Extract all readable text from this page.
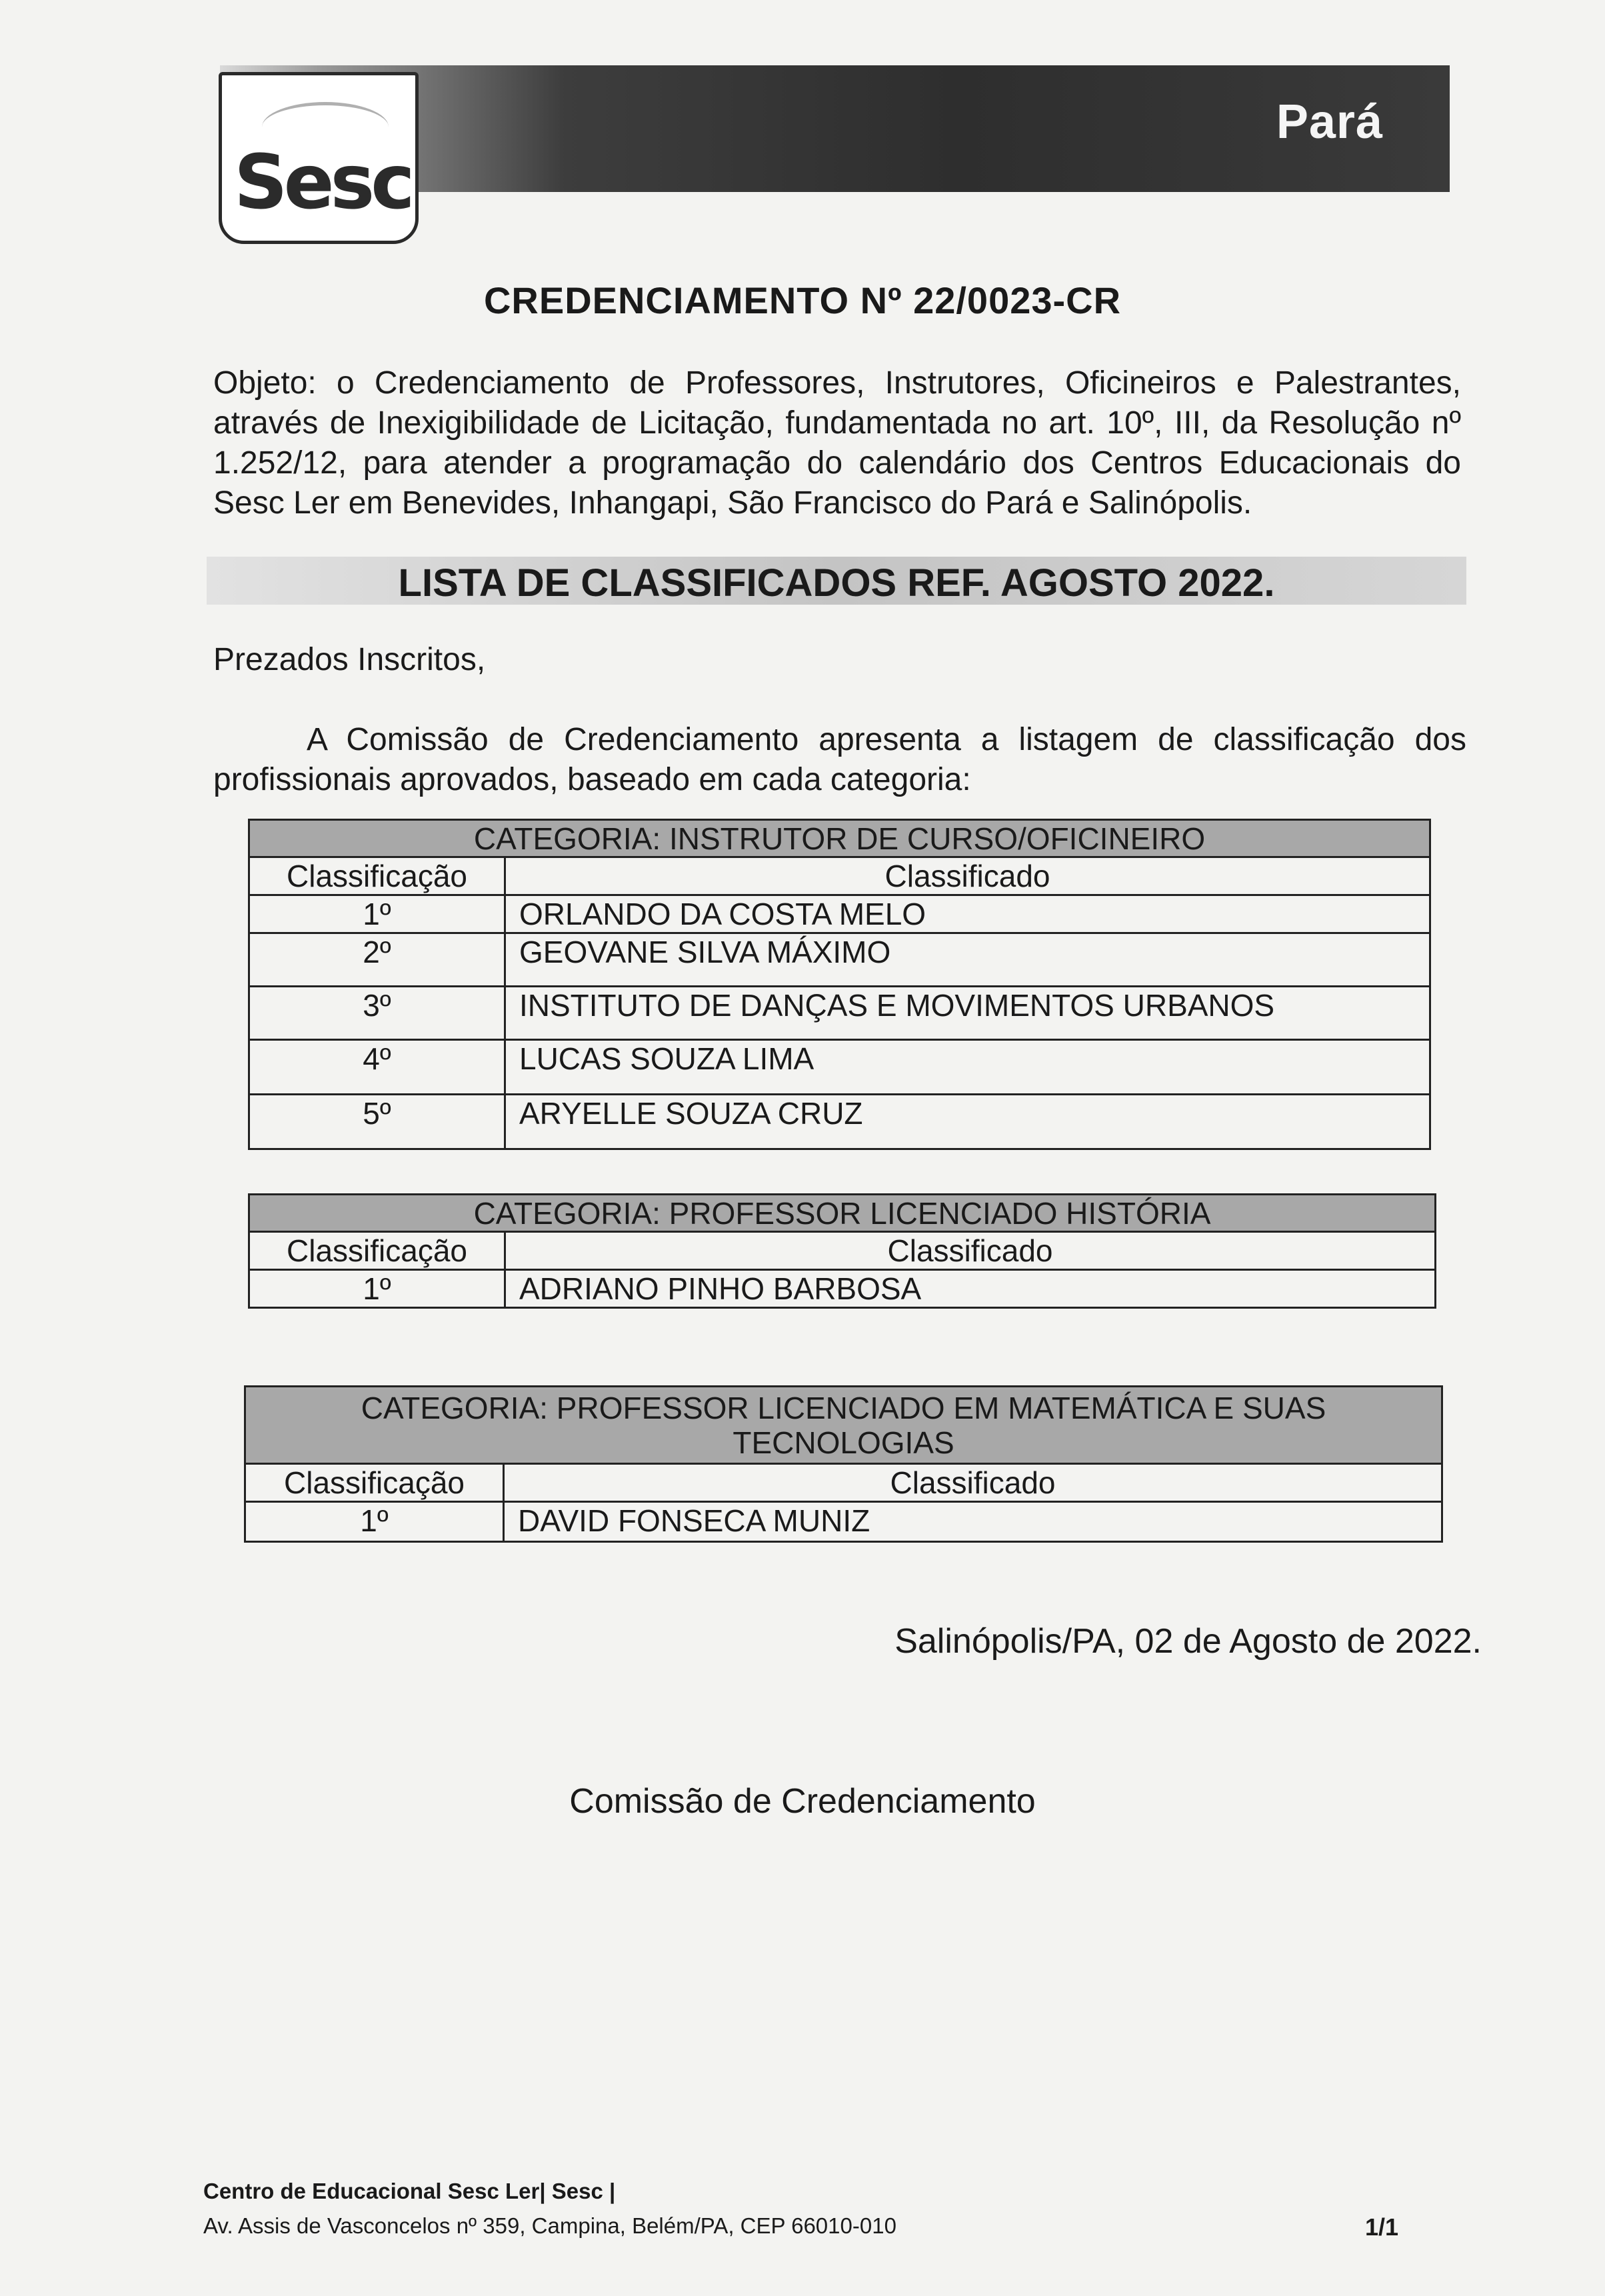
Pará
Sesc
CREDENCIAMENTO Nº 22/0023-CR
Objeto: o Credenciamento de Professores, Instrutores, Oficineiros e Palestrantes, através de Inexigibilidade de Licitação, fundamentada no art. 10º, III, da Resolução nº 1.252/12, para atender a programação do calendário dos Centros Educacionais do Sesc Ler em Benevides, Inhangapi, São Francisco do Pará e Salinópolis.
LISTA DE CLASSIFICADOS REF. AGOSTO 2022.
Prezados Inscritos,
A Comissão de Credenciamento apresenta a listagem de classificação dos profissionais aprovados, baseado em cada categoria:
CATEGORIA: INSTRUTOR DE CURSO/OFICINEIRO	
Classificação	Classificado
1º	ORLANDO DA COSTA MELO
2º	GEOVANE SILVA MÁXIMO
3º	INSTITUTO DE DANÇAS E MOVIMENTOS URBANOS
4º	LUCAS SOUZA LIMA
5º	ARYELLE SOUZA CRUZ
CATEGORIA: PROFESSOR LICENCIADO HISTÓRIA	
Classificação	Classificado
1º	ADRIANO PINHO BARBOSA
CATEGORIA: PROFESSOR LICENCIADO EM MATEMÁTICA E SUAS TECNOLOGIAS	
Classificação	Classificado
1º	DAVID FONSECA MUNIZ
Salinópolis/PA, 02 de Agosto de 2022.
Comissão de Credenciamento
Centro de Educacional Sesc Ler| Sesc |
Av. Assis de Vasconcelos nº 359, Campina, Belém/PA, CEP 66010-010	1/1
